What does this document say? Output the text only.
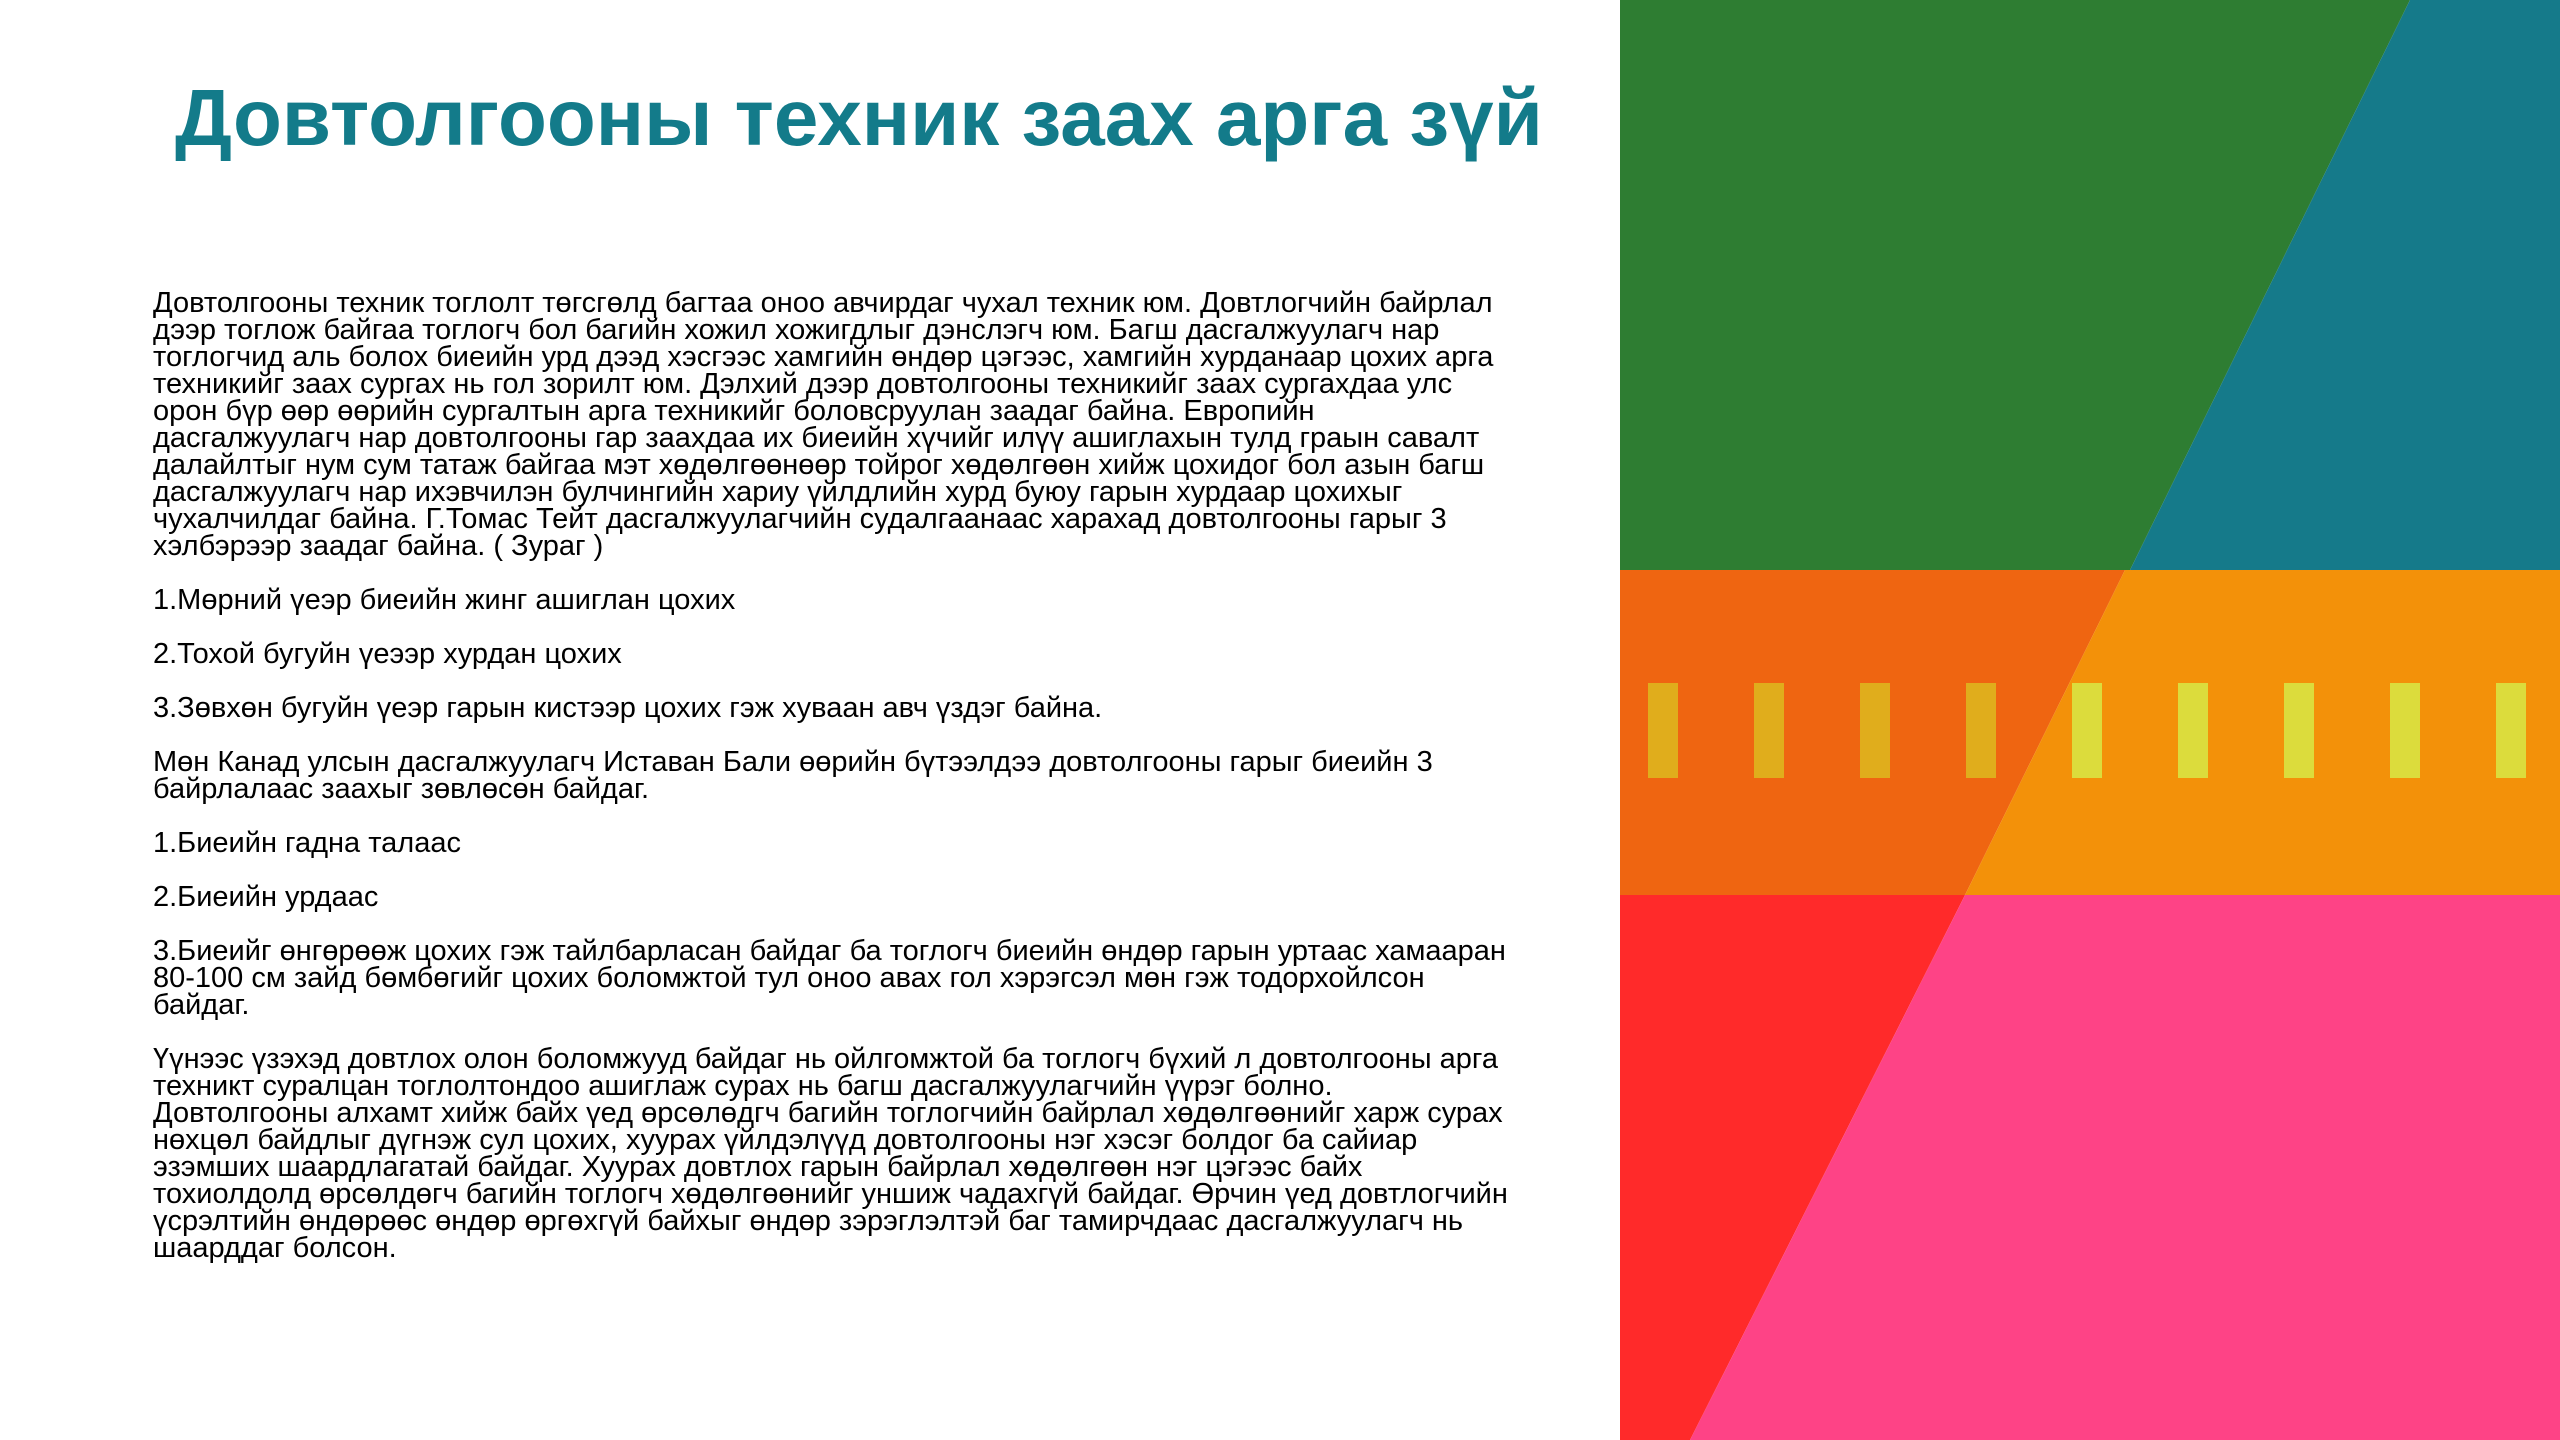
Довтолгооны техник заах арга зүй

Довтолгооны техник тоглолт төгсгөлд багтаа оноо авчирдаг чухал техник юм. Довтлогчийн байрлал дээр тоглож байгаа тоглогч бол багийн хожил хожигдлыг дэнслэгч юм. Багш дасгалжуулагч нар тоглогчид аль болох биеийн урд дээд хэсгээс хамгийн өндөр цэгээс, хамгийн хурданаар цохих арга техникийг заах сургах нь гол зорилт юм. Дэлхий дээр довтолгооны техникийг заах сургахдаа улс орон бүр өөр өөрийн сургалтын арга техникийг боловсруулан заадаг байна. Европийн дасгалжуулагч нар довтолгооны гар заахдаа их биеийн хүчийг илүү ашиглахын тулд граын савалт далайлтыг нум сум татаж байгаа мэт хөдөлгөөнөөр тойрог хөдөлгөөн хийж цохидог бол азын багш дасгалжуулагч нар ихэвчилэн булчингийн хариу үйлдлийн хурд буюу гарын хурдаар цохихыг чухалчилдаг байна. Г.Томас Тейт дасгалжуулагчийн судалгаанаас харахад довтолгооны гарыг 3 хэлбэрээр заадаг байна. ( Зураг )

1.Мөрний үеэр биеийн жинг ашиглан цохих

2.Тохой бугуйн үеээр хурдан цохих

3.Зөвхөн бугуйн үеэр гарын кистээр цохих гэж хуваан авч үздэг байна.

Мөн Канад улсын дасгалжуулагч Иставан Бали өөрийн бүтээлдээ довтолгооны гарыг биеийн 3 байрлалаас заахыг зөвлөсөн байдаг.

1.Биеийн гадна талаас

2.Биеийн урдаас

3.Биеийг өнгөрөөж цохих гэж тайлбарласан байдаг ба тоглогч биеийн өндөр гарын уртаас хамааран 80-100 см зайд бөмбөгийг цохих боломжтой тул оноо авах гол хэрэгсэл мөн гэж тодорхойлсон байдаг.

Үүнээс үзэхэд довтлох олон боломжууд байдаг нь ойлгомжтой ба тоглогч бүхий л довтолгооны арга техникт суралцан тоглолтондоо ашиглаж сурах нь багш дасгалжуулагчийн үүрэг болно. Довтолгооны алхамт хийж байх үед өрсөлөдгч багийн тоглогчийн байрлал хөдөлгөөнийг харж сурах нөхцөл байдлыг дүгнэж сул цохих, хуурах үйлдэлүүд довтолгооны нэг хэсэг болдог ба сайиар эзэмших шаардлагатай байдаг. Хуурах довтлох гарын байрлал хөдөлгөөн нэг цэгээс байх тохиолдолд өрсөлдөгч багийн тоглогч хөдөлгөөнийг уншиж чадахгүй байдаг. Өрчин үед довтлогчийн үсрэлтийн өндөрөөс өндөр өргөхгүй байхыг өндөр зэрэглэлтэй баг тамирчдаас дасгалжуулагч нь шаарддаг болсон.
